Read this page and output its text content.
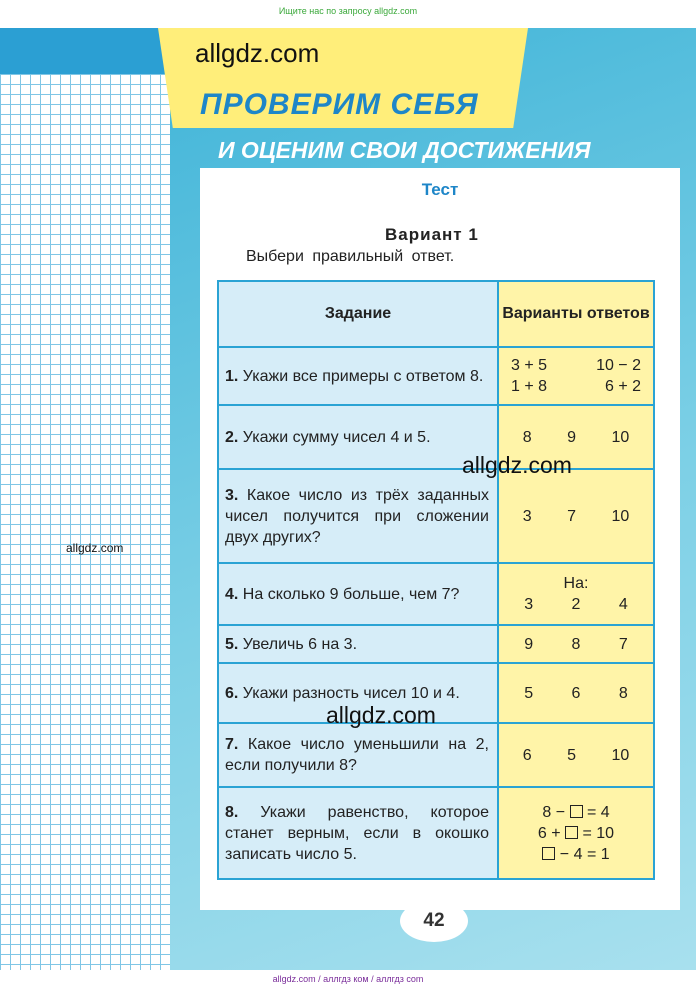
Ищите нас по запросу allgdz.com
allgdz.com
ПРОВЕРИМ СЕБЯ
И ОЦЕНИМ СВОИ ДОСТИЖЕНИЯ
Тест
Вариант 1
Выбери правильный ответ.
Задание	Варианты ответов
1. Укажи все примеры с ответом 8.	3 + 5 10 − 2
1 + 8 6 + 2

2. Укажи сумму чисел 4 и 5.	8 9 10

3. Какое число из трёх заданных чисел получится при сложении двух других?	3 7 10

4. На сколько 9 больше, чем 7?	На:
3 2 4

5. Увеличь 6 на 3.	9 8 7

6. Укажи разность чисел 10 и 4.	5 6 8

7. Какое число уменьшили на 2, если получили 8?	6 5 10

8. Укажи равенство, которое станет верным, если в окошко записать число 5.	8 −  = 4
6 +  = 10
− 4 = 1
allgdz.com
allgdz.com
allgdz.com
42
allgdz.com / аллгдз ком / аллгдз com
